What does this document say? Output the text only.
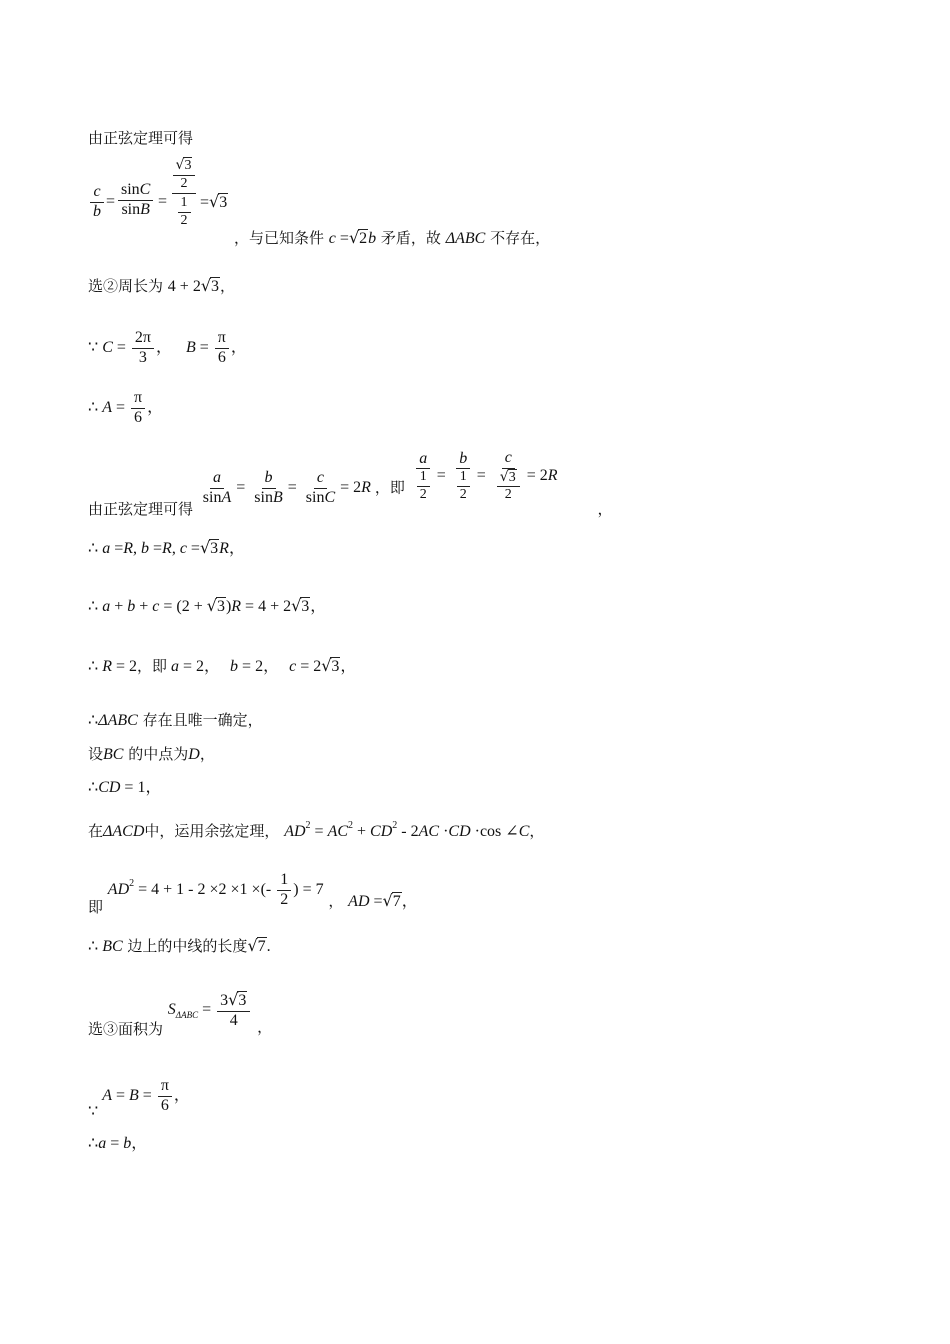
由正弦定理可得
$\frac{c}{b} = \frac{\sin C}{\sin B}$ =
$\frac{√3}{2}$
$\frac{1}{2} =√3$
，与已知条件 c =√2b 矛盾，故 ΔABC 不存在，
选②周长为 4 + 2√3，
∵ $C = \frac{2\pi}{3}$ ， $B = \frac{\pi}{6}$ ，
∴ $A = \frac{\pi}{6}$ ，
由正弦定理可得
$\frac{a}{\sin A} = \frac{b}{\sin B} = \frac{c}{\sin C} = 2R$ ，即 $\frac{a}{\frac{1}{2}} = \frac{b}{\frac{1}{2}} = \frac{c}{\frac{√3}{2}} = 2R$ ，
∴ a =R, b =R, c =√3R，
∴ a + b + c = (2 + √3)R = 4 + 2√3，
∴ R = 2，即 a = 2， b = 2， c = 2√3，
∴ΔABC 存在且唯一确定，
设BC 的中点为D，
∴CD = 1，
在ΔACD中，运用余弦定理， $AD^2 = AC^2 + CD^2 - 2AC \cdot CD \cdot\cos$ ∠C，
即 $AD^2 = 4 + 1 - 2 \times 2 \times 1$ ×(- $\frac{1}{2}$ ) = 7 ， AD =√7，
∴ BC 边上的中线的长度√7.
选③面积为 $S_{\Delta ABC} = \frac{3√3}{4}$ ，
∵ $A = B = \frac{\pi}{6}$ ，
∴a = b，
